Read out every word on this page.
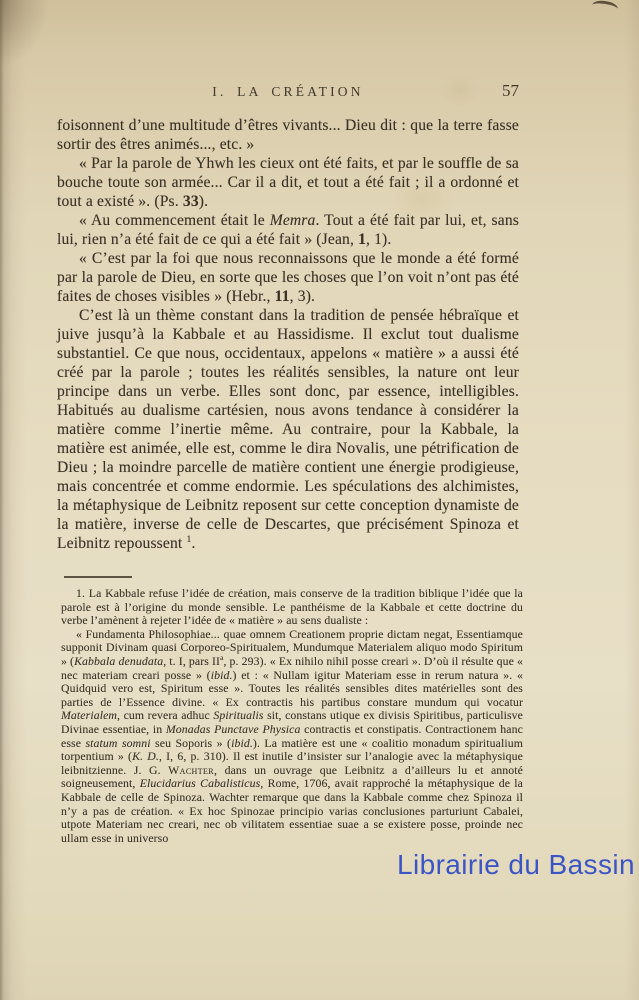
I. LA CRÉATION	57

foisonnent d’une multitude d’êtres vivants... Dieu dit : que la terre fasse sortir des êtres animés..., etc. »

« Par la parole de Yhwh les cieux ont été faits, et par le souffle de sa bouche toute son armée... Car il a dit, et tout a été fait ; il a ordonné et tout a existé ». (Ps. 33).

« Au commencement était le Memra. Tout a été fait par lui, et, sans lui, rien n’a été fait de ce qui a été fait » (Jean, 1, 1).

« C’est par la foi que nous reconnaissons que le monde a été formé par la parole de Dieu, en sorte que les choses que l’on voit n’ont pas été faites de choses visibles » (Hebr., 11, 3).

C’est là un thème constant dans la tradition de pensée hébraïque et juive jusqu’à la Kabbale et au Hassidisme. Il exclut tout dualisme substantiel. Ce que nous, occidentaux, appelons « matière » a aussi été créé par la parole ; toutes les réalités sensibles, la nature ont leur principe dans un verbe. Elles sont donc, par essence, intelligibles. Habitués au dualisme cartésien, nous avons tendance à considérer la matière comme l’inertie même. Au contraire, pour la Kabbale, la matière est animée, elle est, comme le dira Novalis, une pétrification de Dieu ; la moindre parcelle de matière contient une énergie prodigieuse, mais concentrée et comme endormie. Les spéculations des alchimistes, la métaphysique de Leibnitz reposent sur cette conception dynamiste de la matière, inverse de celle de Descartes, que précisément Spinoza et Leibnitz repoussent $^1$.

1. La Kabbale refuse l’idée de création, mais conserve de la tradition biblique l’idée que la parole est à l’origine du monde sensible. Le panthéisme de la Kabbale et cette doctrine du verbe l’amènent à rejeter l’idée de « matière » au sens dualiste :

« Fundamenta Philosophiae... quae omnem Creationem proprie dictam negat, Essentiamque supponit Divinam quasi Corporeo-Spiritualem, Mundumque Materialem aliquo modo Spiritum » (Kabbala denudata, t. I, pars $II^a$, p. 293). « Ex nihilo nihil posse creari ». D’où il résulte que « nec materiam creari posse » (ibid.) et : « Nullam igitur Materiam esse in rerum natura ». « Quidquid vero est, Spiritum esse ». Toutes les réalités sensibles dites matérielles sont des parties de l’Essence divine. « Ex contractis his partibus constare mundum qui vocatur Materialem, cum revera adhuc Spiritualis sit, constans utique ex divisis Spiritibus, particulisve Divinae essentiae, in Monadas Punctave Physica contractis et constipatis. Contractionem hanc esse statum somni seu Soporis » (ibid.). La matière est une « coalitio monadum spiritualium torpentium » (K. D., I, 6, p. 310). Il est inutile d’insister sur l’analogie avec la métaphysique leibnitzienne. J. G. Wachter, dans un ouvrage que Leibnitz a d’ailleurs lu et annoté soigneusement, Elucidarius Cabalisticus, Rome, 1706, avait rapproché la métaphysique de la Kabbale de celle de Spinoza. Wachter remarque que dans la Kabbale comme chez Spinoza il n’y a pas de création. « Ex hoc Spinozae principio varias conclusiones parturiunt Cabalei, utpote Materiam nec creari, nec ob vilitatem essentiae suae a se existere posse, proinde nec ullam esse in universo

Librairie du Bassin
